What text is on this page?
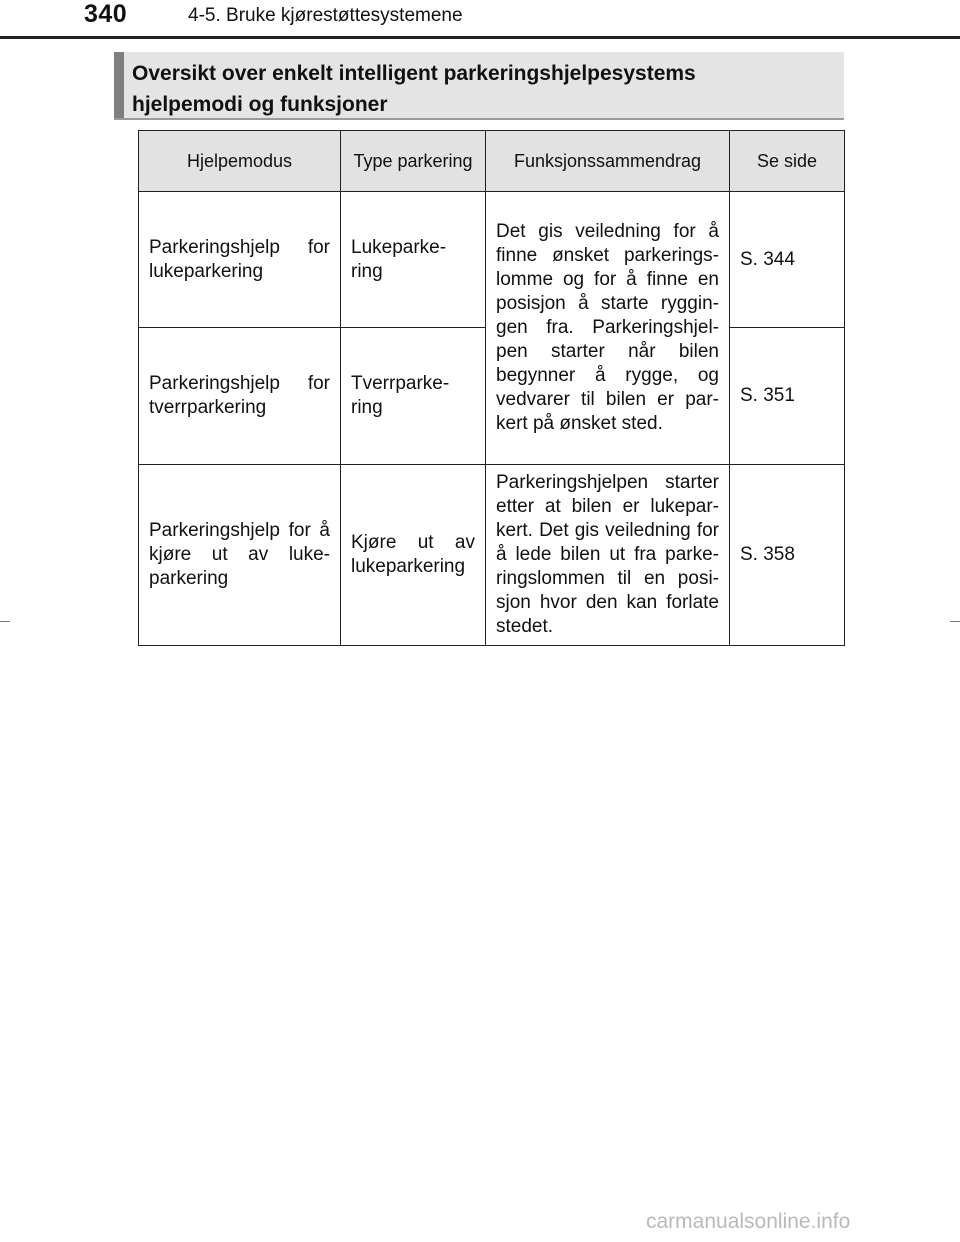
340	4-5. Bruke kjørestøttesystemene
Oversikt over enkelt intelligent parkeringshjelpesystems
hjelpemodi og funksjoner
Hjelpemodus	Type parkering	Funksjonssammendrag	Se side
Parkeringshjelp for lukeparkering	Lukeparke-ring	Det gis veiledning for å finne ønsket parkerings-lomme og for å finne en posisjon å starte ryggin-gen fra. Parkeringshjel-pen starter når bilen begynner å rygge, og vedvarer til bilen er par-kert på ønsket sted.	S. 344
Parkeringshjelp for tverrparkering	Tverrparke-ring		S. 351
Parkeringshjelp for å kjøre ut av luke-parkering	Kjøre ut av lukeparkering	Parkeringshjelpen starter etter at bilen er lukepar-kert. Det gis veiledning for å lede bilen ut fra parke-ringslommen til en posi-sjon hvor den kan forlate stedet.	S. 358
carmanualsonline.info
